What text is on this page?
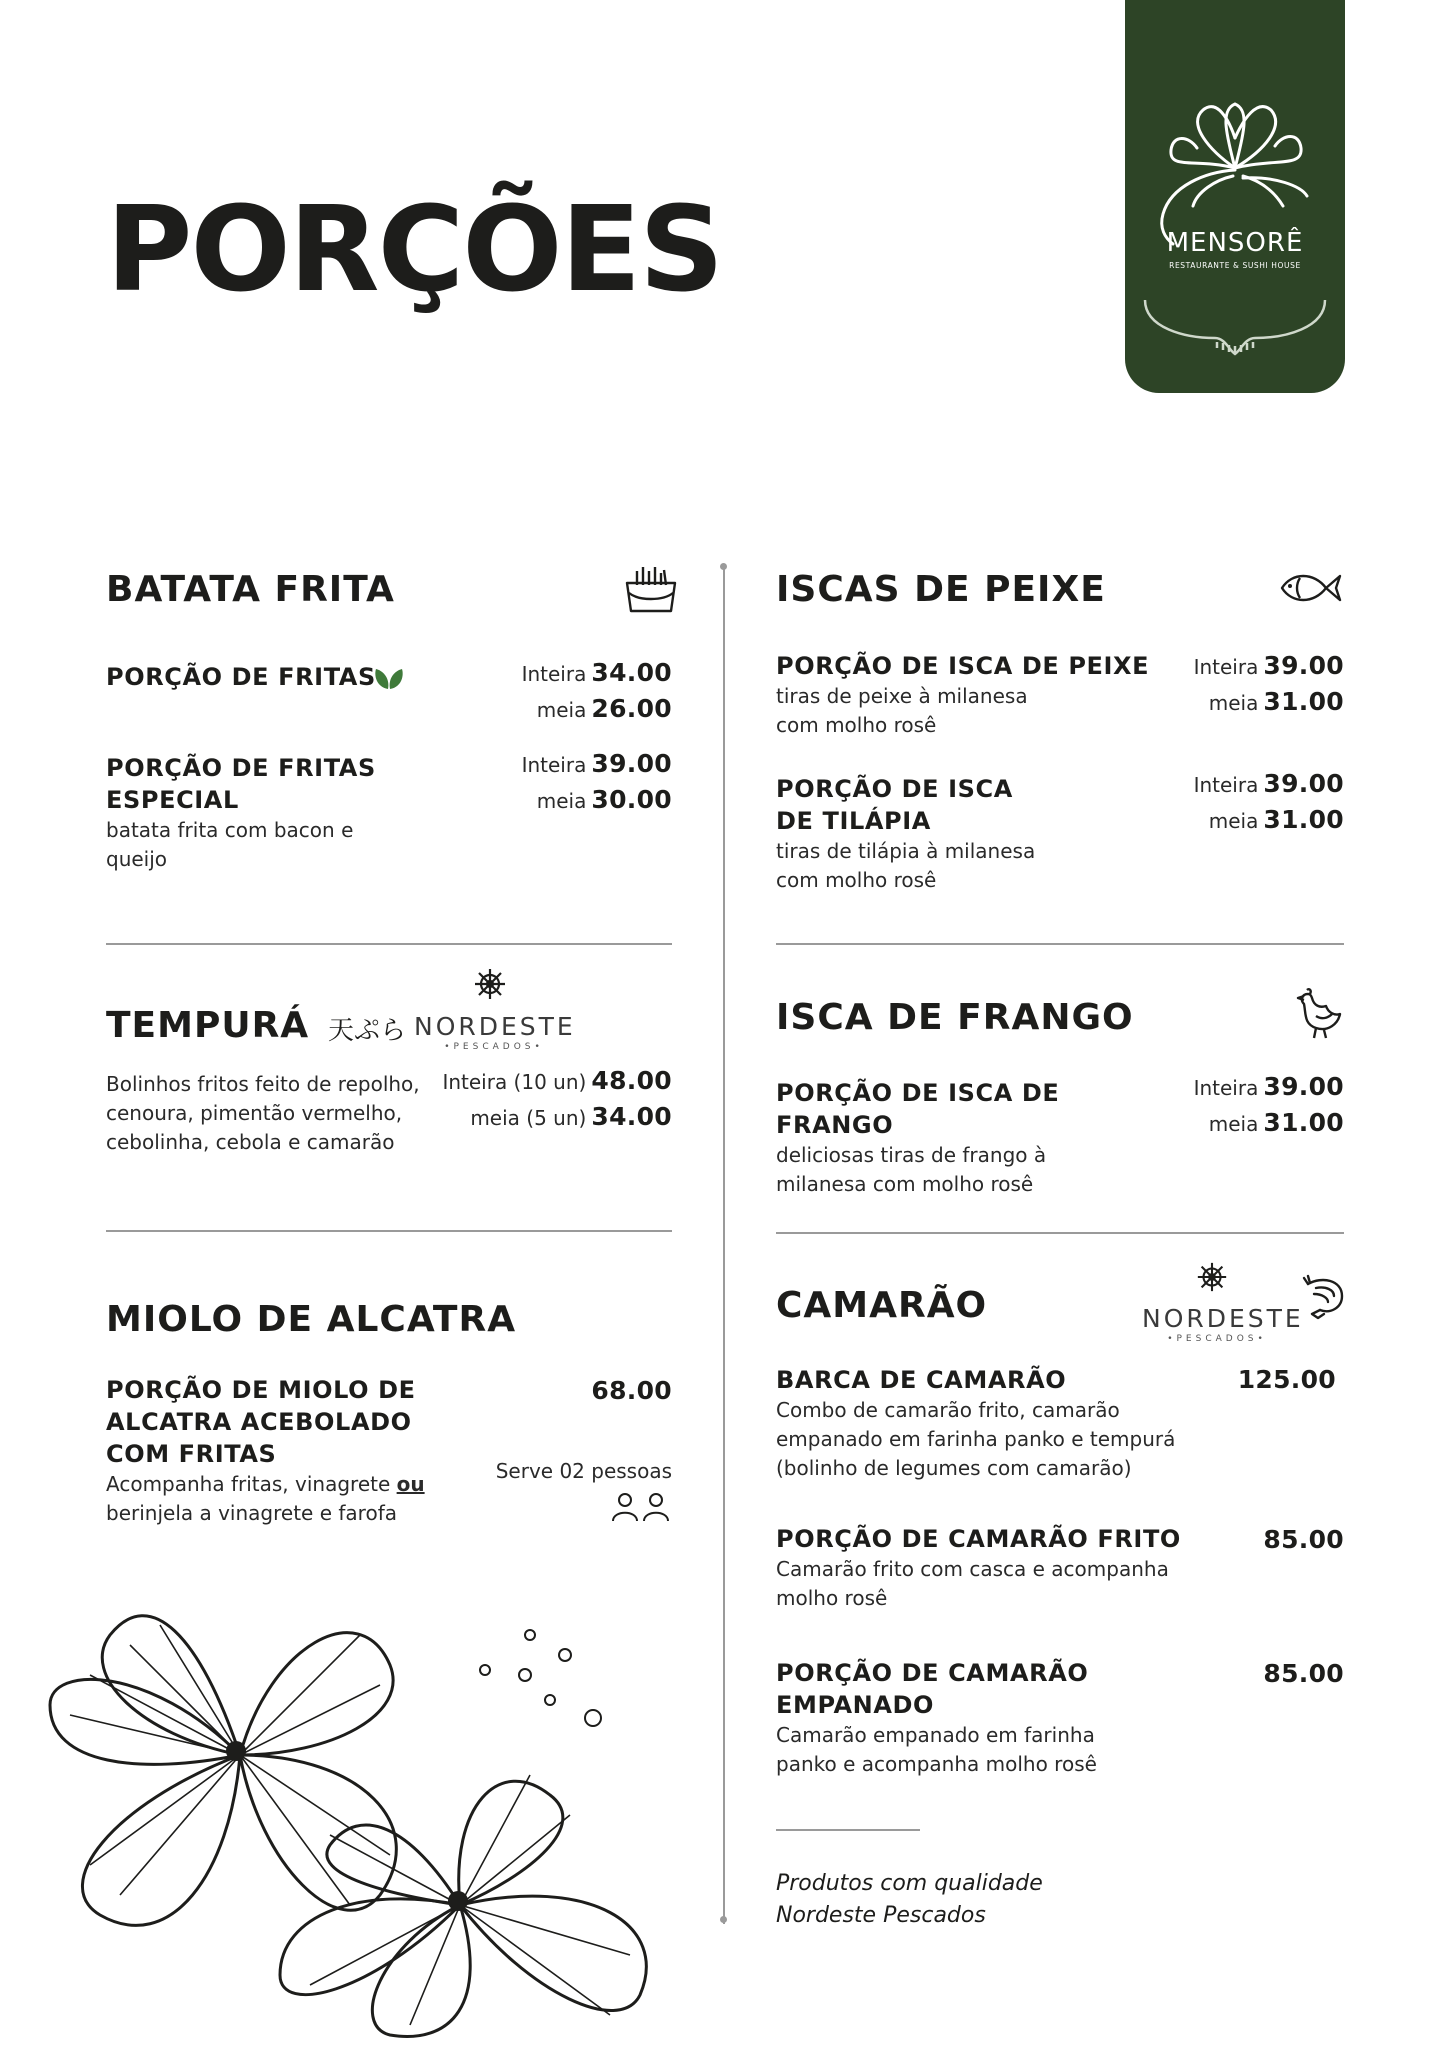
PORÇÕES	MENSORÊ
RESTAURANTE & SUSHI HOUSE
BATATA FRITA
PORÇÃO DE FRITAS	Inteira 34.00
meia 26.00
PORÇÃO DE FRITAS
ESPECIAL
batata frita com bacon e
queijo
Inteira 39.00
meia 30.00
TEMPURÁ 天ぷら NORDESTE
•PESCADOS•
Bolinhos fritos feito de repolho,
cenoura, pimentão vermelho,
cebolinha, cebola e camarão
Inteira (10 un) 48.00
meia (5 un) 34.00
MIOLO DE ALCATRA
PORÇÃO DE MIOLO DE
ALCATRA ACEBOLADO
COM FRITAS
Acompanha fritas, vinagrete ou
berinjela a vinagrete e farofa
68.00
Serve 02 pessoas
ISCAS DE PEIXE
PORÇÃO DE ISCA DE PEIXE
tiras de peixe à milanesa
com molho rosê
Inteira 39.00
meia 31.00
PORÇÃO DE ISCA
DE TILÁPIA
tiras de tilápia à milanesa
com molho rosê
Inteira 39.00
meia 31.00
ISCA DE FRANGO
PORÇÃO DE ISCA DE
FRANGO
deliciosas tiras de frango à
milanesa com molho rosê
Inteira 39.00
meia 31.00
CAMARÃO	NORDESTE
•PESCADOS•
BARCA DE CAMARÃO
Combo de camarão frito, camarão
empanado em farinha panko e tempurá
(bolinho de legumes com camarão)
125.00
PORÇÃO DE CAMARÃO FRITO
Camarão frito com casca e acompanha
molho rosê
85.00
PORÇÃO DE CAMARÃO
EMPANADO
Camarão empanado em farinha
panko e acompanha molho rosê
85.00
Produtos com qualidade
Nordeste Pescados
